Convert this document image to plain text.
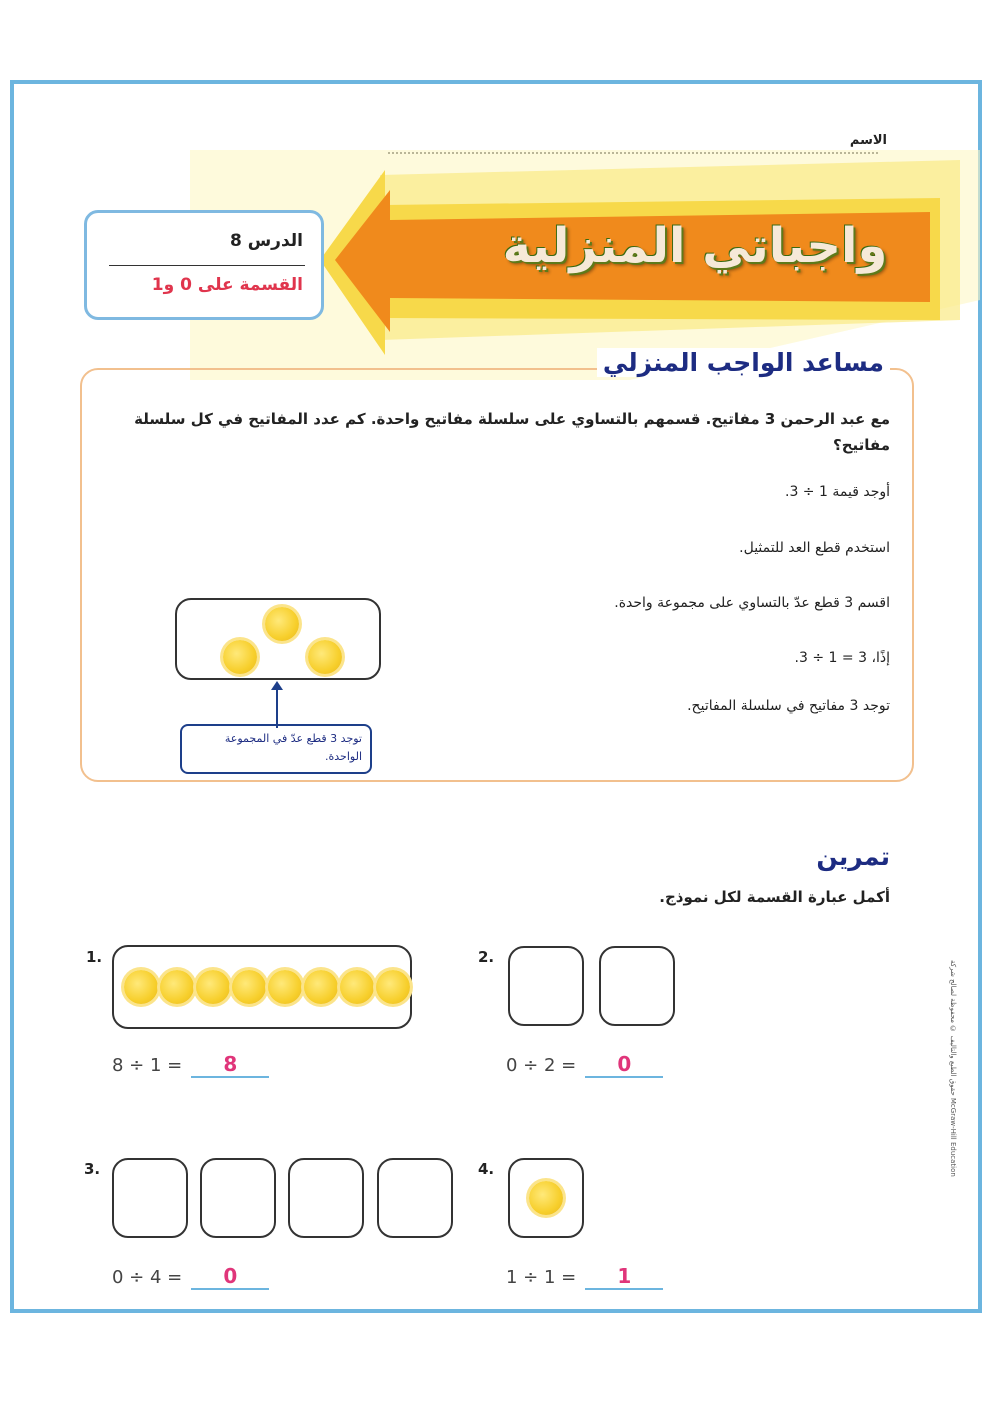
الاسم
واجباتي المنزلية
الدرس 8
القسمة على 0 و1
مساعد الواجب المنزلي
مع عبد الرحمن 3 مفاتيح. قسمهم بالتساوي على سلسلة مفاتيح واحدة. كم عدد المفاتيح في كل سلسلة مفاتيح؟
أوجد قيمة 1 ÷ 3.
استخدم قطع العد للتمثيل.
اقسم 3 قطع عدّ بالتساوي على مجموعة واحدة.
إذًا، 3 = 1 ÷ 3.
توجد 3 مفاتيح في سلسلة المفاتيح.
توجد 3 قطع عدّ في المجموعة الواحدة.
تمرين
أكمل عبارة القسمة لكل نموذج.
1.
8 ÷ 1 = 8
2.
0 ÷ 2 = 0
3.
0 ÷ 4 = 0
4.
1 ÷ 1 = 1
حقوق الطبع والتأليف © محفوظة لصالح شركة McGraw-Hill Education
